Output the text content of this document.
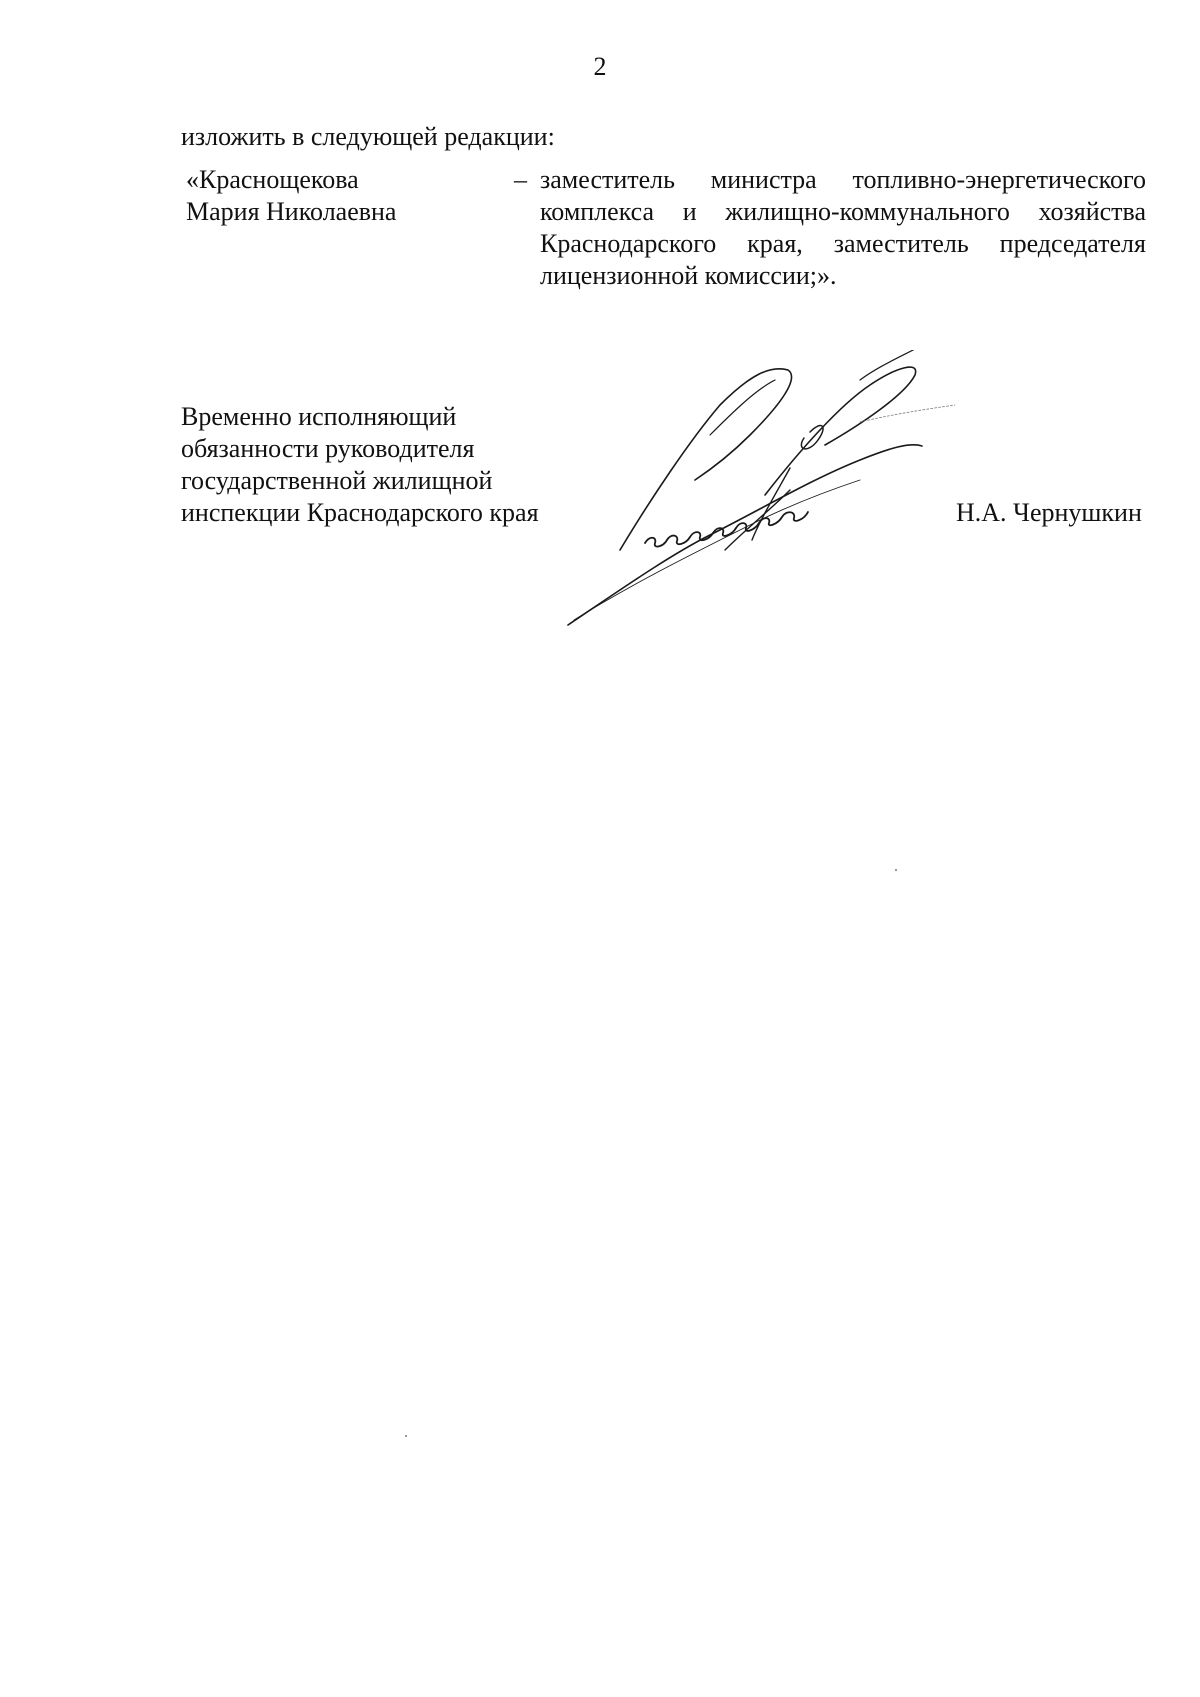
2
изложить в следующей редакции:
«Краснощекова
Мария Николаевна
– заместитель министра топливно-энергетического комплекса и жилищно-коммунального хозяйства Краснодарского края, заместитель председателя лицензионной комиссии;».
Временно исполняющий
обязанности руководителя
государственной жилищной
инспекции Краснодарского края	Н.А. Чернушкин
